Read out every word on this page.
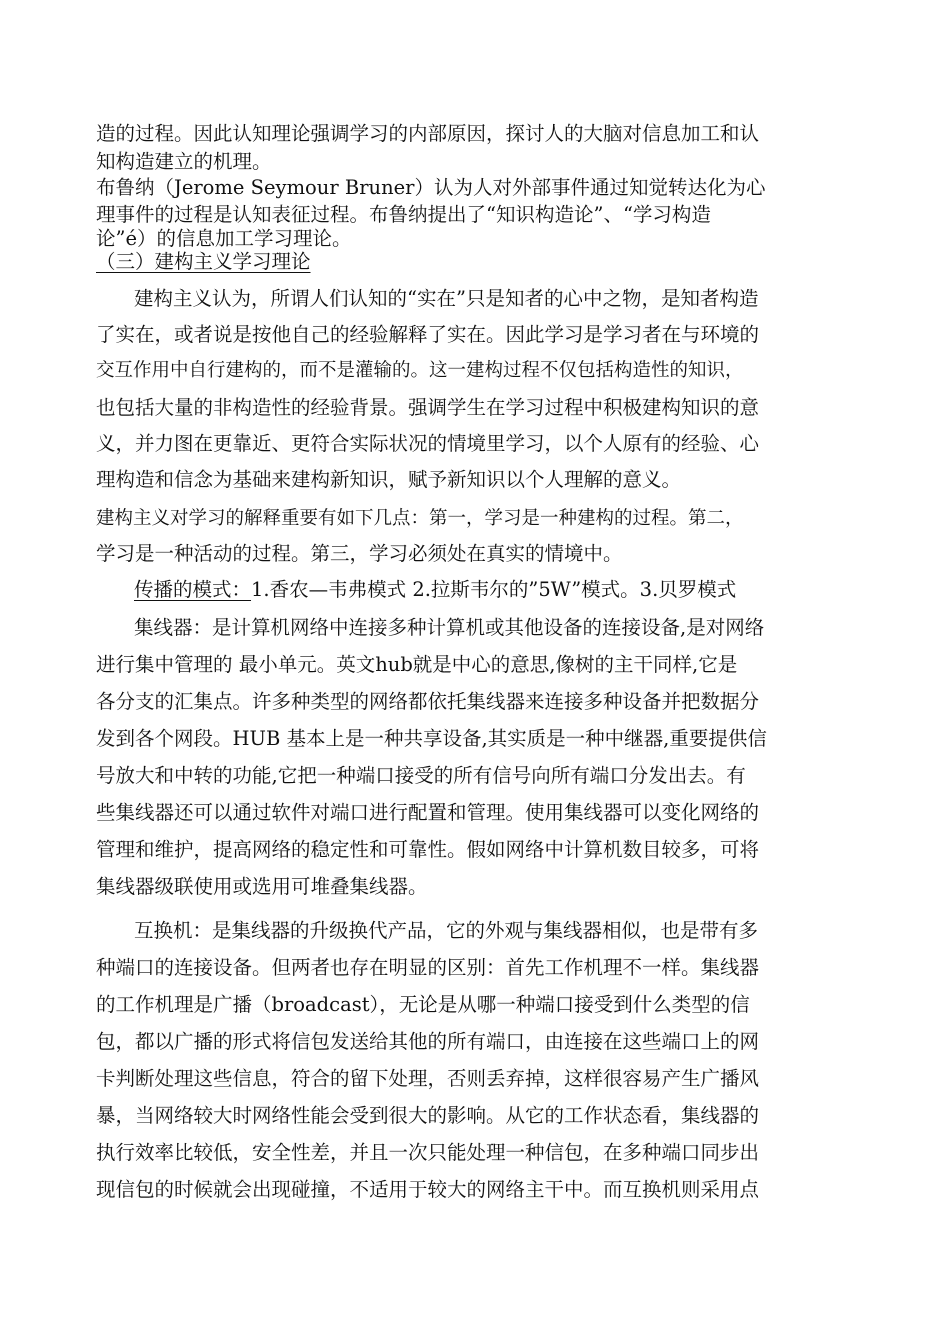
造的过程。因此认知理论强调学习的内部原因，探讨人的大脑对信息加工和认

知构造建立的机理。

布鲁纳（Jerome Seymour Bruner）认为人对外部事件通过知觉转达化为心

理事件的过程是认知表征过程。布鲁纳提出了“知识构造论”、“学习构造

论”é）的信息加工学习理论。

（三）建构主义学习理论

建构主义认为，所谓人们认知的“实在”只是知者的心中之物，是知者构造

了实在，或者说是按他自己的经验解释了实在。因此学习是学习者在与环境的

交互作用中自行建构的，而不是灌输的。这一建构过程不仅包括构造性的知识，

也包括大量的非构造性的经验背景。强调学生在学习过程中积极建构知识的意

义，并力图在更靠近、更符合实际状况的情境里学习，以个人原有的经验、心

理构造和信念为基础来建构新知识，赋予新知识以个人理解的意义。

建构主义对学习的解释重要有如下几点：第一，学习是一种建构的过程。第二，

学习是一种活动的过程。第三，学习必须处在真实的情境中。

传播的模式：1.香农—韦弗模式 2.拉斯韦尔的”5W”模式。3.贝罗模式

集线器：是计算机网络中连接多种计算机或其他设备的连接设备,是对网络

进行集中管理的 最小单元。英文hub就是中心的意思,像树的主干同样,它是

各分支的汇集点。许多种类型的网络都依托集线器来连接多种设备并把数据分

发到各个网段。HUB 基本上是一种共享设备,其实质是一种中继器,重要提供信

号放大和中转的功能,它把一种端口接受的所有信号向所有端口分发出去。有

些集线器还可以通过软件对端口进行配置和管理。使用集线器可以变化网络的

管理和维护，提高网络的稳定性和可靠性。假如网络中计算机数目较多，可将

集线器级联使用或选用可堆叠集线器。

互换机：是集线器的升级换代产品，它的外观与集线器相似，也是带有多

种端口的连接设备。但两者也存在明显的区别：首先工作机理不一样。集线器

的工作机理是广播（broadcast），无论是从哪一种端口接受到什么类型的信

包，都以广播的形式将信包发送给其他的所有端口，由连接在这些端口上的网

卡判断处理这些信息，符合的留下处理，否则丢弃掉，这样很容易产生广播风

暴，当网络较大时网络性能会受到很大的影响。从它的工作状态看，集线器的

执行效率比较低，安全性差，并且一次只能处理一种信包，在多种端口同步出

现信包的时候就会出现碰撞，不适用于较大的网络主干中。而互换机则采用点
